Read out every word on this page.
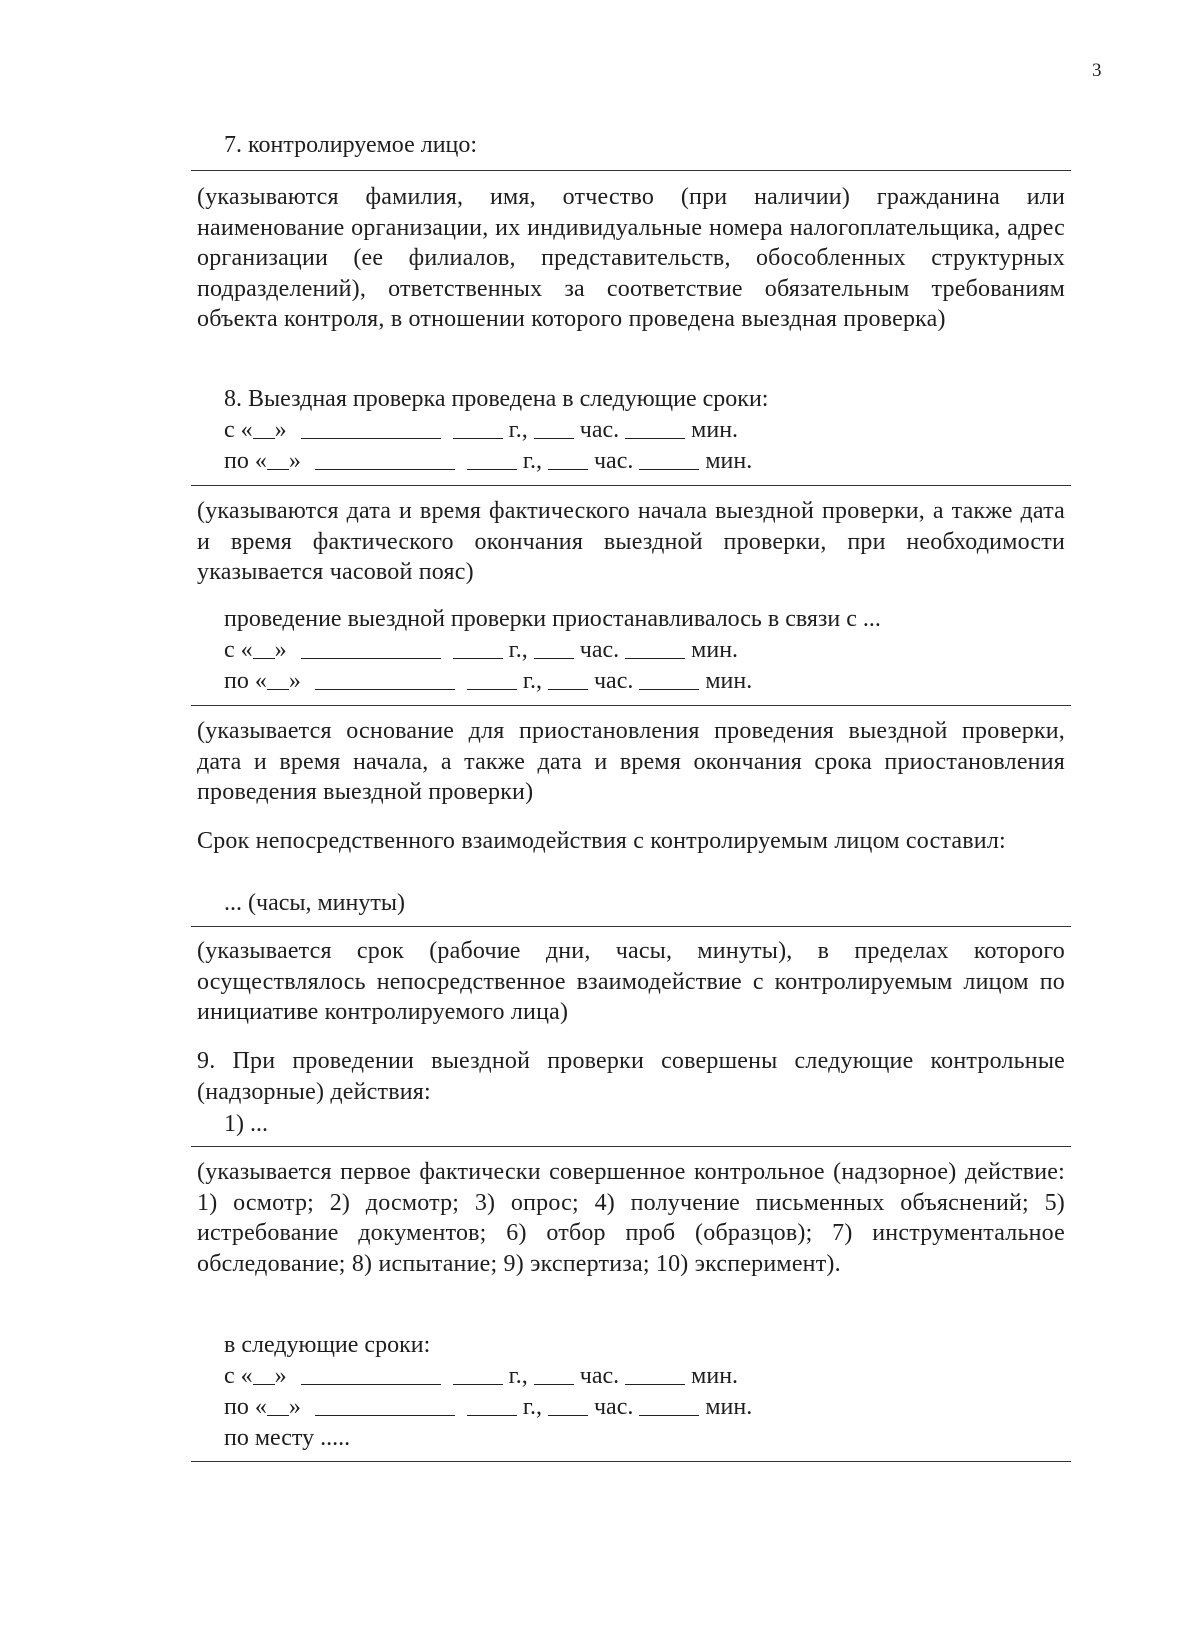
3
7. контролируемое лицо:
(указываются фамилия, имя, отчество (при наличии) гражданина или наименование организации, их индивидуальные номера налогоплательщика, адрес организации (ее филиалов, представительств, обособленных структурных подразделений), ответственных за соответствие обязательным требованиям объекта контроля, в отношении которого проведена выездная проверка)
8. Выездная проверка проведена в следующие сроки:
с « »	г., час.	мин.
по « »	г., час.	мин.
(указываются дата и время фактического начала выездной проверки, а также дата и время фактического окончания выездной проверки, при необходимости указывается часовой пояс)
проведение выездной проверки приостанавливалось в связи с ...
с « »	г., час.	мин.
по « »	г., час.	мин.
(указывается основание для приостановления проведения выездной проверки, дата и время начала, а также дата и время окончания срока приостановления проведения выездной проверки)
Срок непосредственного взаимодействия с контролируемым лицом составил:
... (часы, минуты)
(указывается срок (рабочие дни, часы, минуты), в пределах которого осуществлялось непосредственное взаимодействие с контролируемым лицом по инициативе контролируемого лица)
9. При проведении выездной проверки совершены следующие контрольные (надзорные) действия:
1) ...
(указывается первое фактически совершенное контрольное (надзорное) действие: 1) осмотр; 2) досмотр; 3) опрос; 4) получение письменных объяснений; 5) истребование документов; 6) отбор проб (образцов); 7) инструментальное обследование; 8) испытание; 9) экспертиза; 10) эксперимент).
в следующие сроки:
с « »	г., час.	мин.
по « »	г., час.	мин.
по месту .....
